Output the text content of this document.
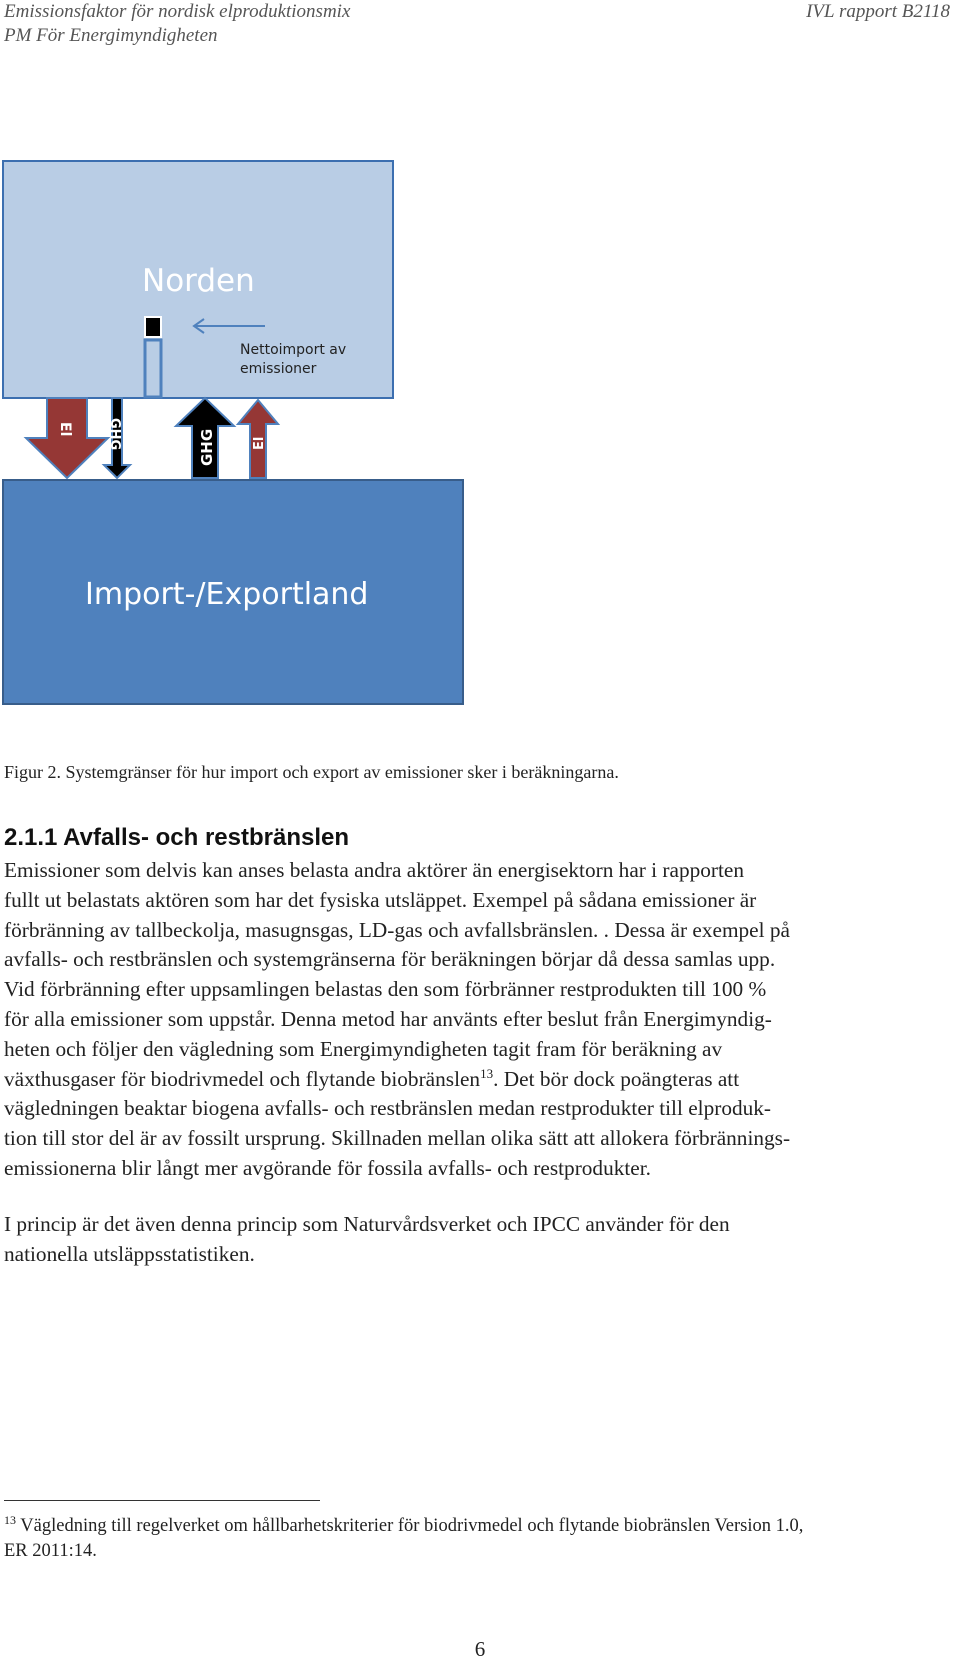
Emissionsfaktor för nordisk elproduktionsmix
PM För Energimyndigheten
IVL rapport B2118
Norden
Nettoimport av
emissioner
El	GHG	GHG	El
Import-/Exportland
Figur 2. Systemgränser för hur import och export av emissioner sker i beräkningarna.
2.1.1 Avfalls- och restbränslen
Emissioner som delvis kan anses belasta andra aktörer än energisektorn har i rapporten
fullt ut belastats aktören som har det fysiska utsläppet. Exempel på sådana emissioner är
förbränning av tallbeckolja, masugnsgas, LD-gas och avfallsbränslen. . Dessa är exempel på
avfalls- och restbränslen och systemgränserna för beräkningen börjar då dessa samlas upp.
Vid förbränning efter uppsamlingen belastas den som förbränner restprodukten till 100 %
för alla emissioner som uppstår. Denna metod har använts efter beslut från Energimyndig-
heten och följer den vägledning som Energimyndigheten tagit fram för beräkning av
växthusgaser för biodrivmedel och flytande biobränslen$^{13}$. Det bör dock poängteras att
vägledningen beaktar biogena avfalls- och restbränslen medan restprodukter till elproduk-
tion till stor del är av fossilt ursprung. Skillnaden mellan olika sätt att allokera förbrännings-
emissionerna blir långt mer avgörande för fossila avfalls- och restprodukter.
I princip är det även denna princip som Naturvårdsverket och IPCC använder för den
nationella utsläppsstatistiken.
$^{13}$ Vägledning till regelverket om hållbarhetskriterier för biodrivmedel och flytande biobränslen Version 1.0,
ER 2011:14.
6
